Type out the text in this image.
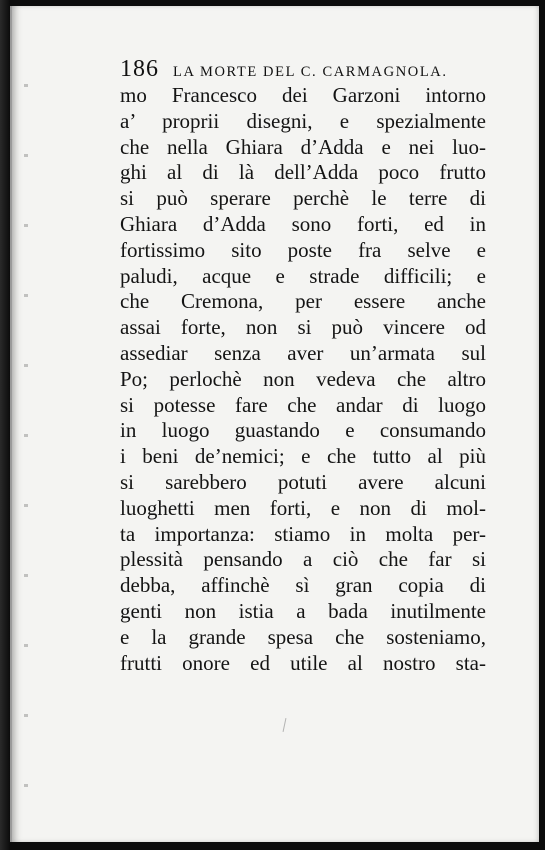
186 LA MORTE DEL C. CARMAGNOLA.
mo Francesco dei Garzoni intorno
a’ proprii disegni, e spezialmente
che nella Ghiara d’Adda e nei luo-
ghi al di là dell’Adda poco frutto
si può sperare perchè le terre di
Ghiara d’Adda sono forti, ed in
fortissimo sito poste fra selve e
paludi, acque e strade difficili; e
che Cremona, per essere anche
assai forte, non si può vincere od
assediar senza aver un’armata sul
Po; perlochè non vedeva che altro
si potesse fare che andar di luogo
in luogo guastando e consumando
i beni de’nemici; e che tutto al più
si sarebbero potuti avere alcuni
luoghetti men forti, e non di mol-
ta importanza: stiamo in molta per-
plessità pensando a ciò che far si
debba, affinchè sì gran copia di
genti non istia a bada inutilmente
e la grande spesa che sosteniamo,
frutti onore ed utile al nostro sta-
